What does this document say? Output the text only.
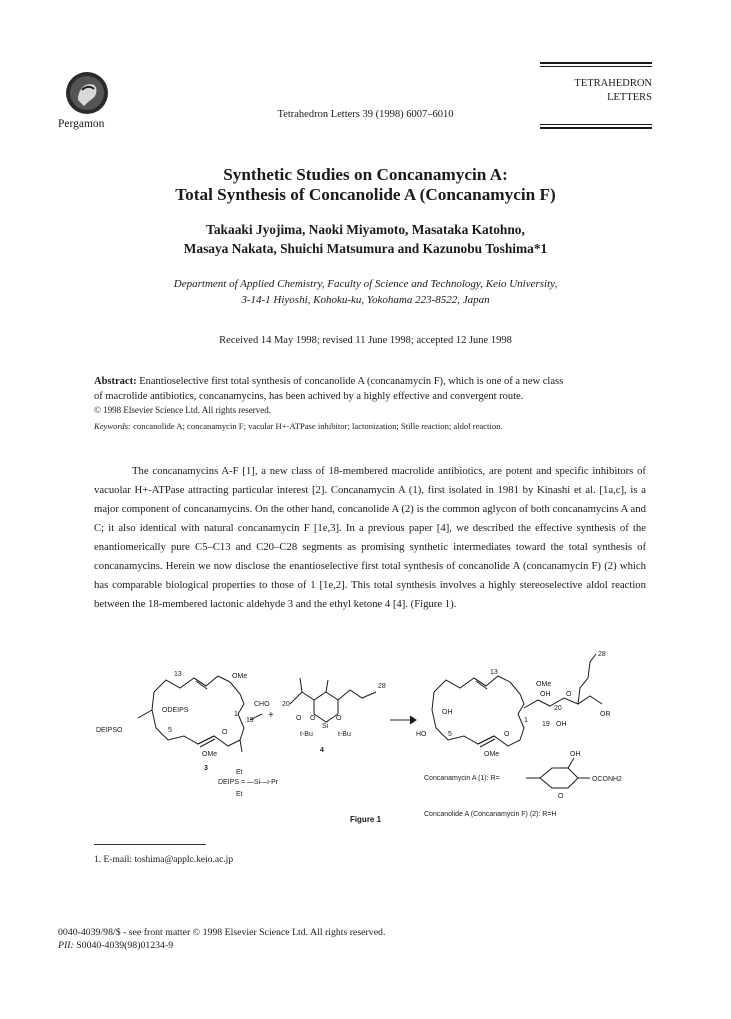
Pergamon
Tetrahedron Letters 39 (1998) 6007–6010
TETRAHEDRON
LETTERS
Synthetic Studies on Concanamycin A:
Total Synthesis of Concanolide A (Concanamycin F)
Takaaki Jyojima, Naoki Miyamoto, Masataka Katohno,
Masaya Nakata, Shuichi Matsumura and Kazunobu Toshima*1
Department of Applied Chemistry, Faculty of Science and Technology, Keio University,
3-14-1 Hiyoshi, Kohoku-ku, Yokohama 223-8522, Japan
Received 14 May 1998; revised 11 June 1998; accepted 12 June 1998
Abstract: Enantioselective first total synthesis of concanolide A (concanamycin F), which is one of a new class
of macrolide antibiotics, concanamycins, has been achived by a highly effective and convergent route.
© 1998 Elsevier Science Ltd. All rights reserved.
Keywords: concanolide A; concanamycin F; vacular H+-ATPase inhibitor; lactonization; Stille reaction; aldol reaction.

The concanamycins A-F [1], a new class of 18-membered macrolide antibiotics, are potent and specific inhibitors of vacuolar H+-ATPase attracting particular interest [2]. Concanamycin A (1), first isolated in 1981 by Kinashi et al. [1a,c], is a major component of concanamycins. On the other hand, concanolide A (2) is the common aglycon of both concanamycins A and C; it also identical with natural concanamycin F [1e,3]. In a previous paper [4], we described the effective synthesis of the enantiomerically pure C5–C13 and C20–C28 segments as promising synthetic intermediates toward the total synthesis of concanamycins. Herein we now disclose the enantioselective first total synthesis of concanolide A (concanamycin F) (2) which has comparable biological properties to those of 1 [1e,2]. This total synthesis involves a highly stereoselective aldol reaction between the 18-membered lactonic aldehyde 3 and the ethyl ketone 4 [4]. (Figure 1).

13	OMe
ODEIPS
CHO
1
19
DEIPSO	5	O
OMe
3
20
+
28
O O
Si
O
t-Bu	t-Bu
4
Et
DEIPS = —Si—i-Pr
Et
28
13
OMe
OH O
OH
20
OR
1
19 OH
HO	5	O
OMe	OH
OCONH2
O
Concanamycin A (1): R=
Concanolide A (Concanamycin F) (2): R=H
Figure 1
1. E-mail: toshima@applc.keio.ac.jp
0040-4039/98/$ - see front matter © 1998 Elsevier Science Ltd. All rights reserved.
PII: S0040-4039(98)01234-9
